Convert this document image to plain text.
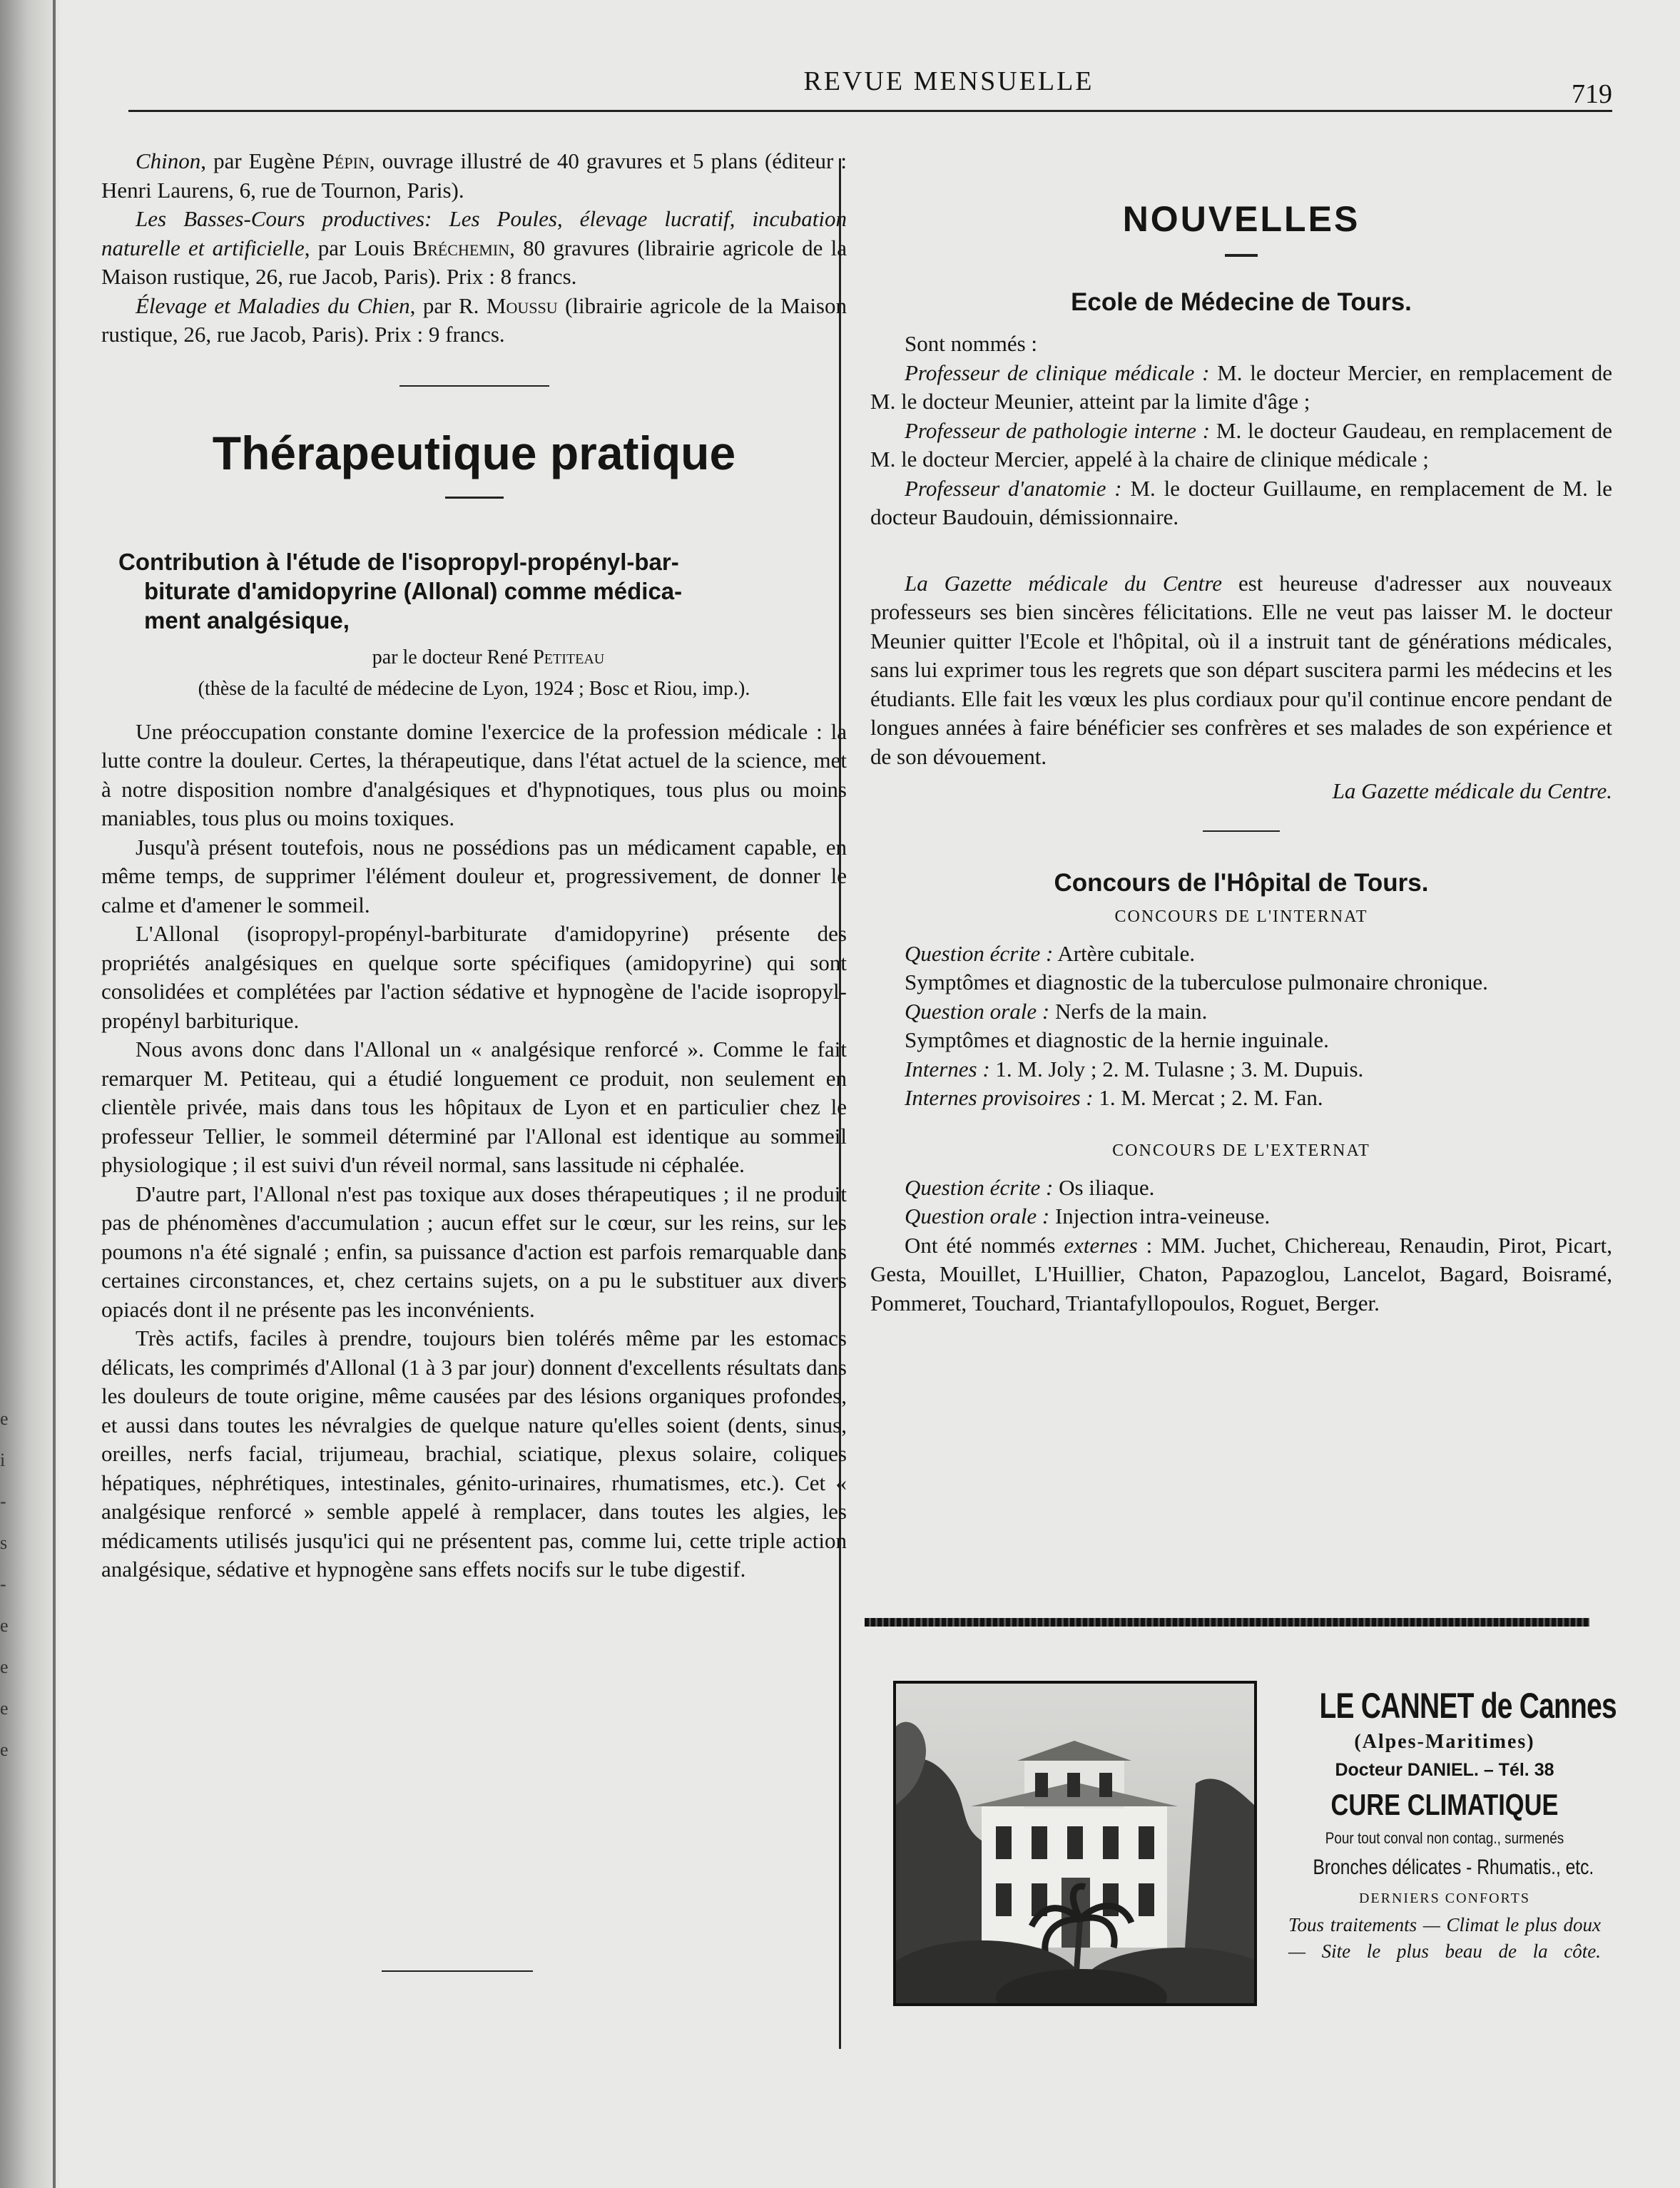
e
i
-
s
-
e
e
e
e
REVUE MENSUELLE	719

Chinon, par Eugène Pépin, ouvrage illustré de 40 gravures et 5 plans (éditeur : Henri Laurens, 6, rue de Tournon, Paris).

Les Basses-Cours productives: Les Poules, élevage lucratif, incubation naturelle et artificielle, par Louis Bréchemin, 80 gravures (librairie agricole de la Maison rustique, 26, rue Jacob, Paris). Prix : 8 francs.

Élevage et Maladies du Chien, par R. Moussu (librairie agricole de la Maison rustique, 26, rue Jacob, Paris). Prix : 9 francs.

Thérapeutique pratique
Contribution à l'étude de l'isopropyl-propényl-bar-
biturate d'amidopyrine (Allonal) comme médica-
ment analgésique,
par le docteur René Petiteau
(thèse de la faculté de médecine de Lyon, 1924 ; Bosc et Riou, imp.).

Une préoccupation constante domine l'exercice de la profession médicale : la lutte contre la douleur. Certes, la thérapeutique, dans l'état actuel de la science, met à notre disposition nombre d'analgésiques et d'hypnotiques, tous plus ou moins maniables, tous plus ou moins toxiques.

Jusqu'à présent toutefois, nous ne possédions pas un médicament capable, en même temps, de supprimer l'élément douleur et, progressivement, de donner le calme et d'amener le sommeil.

L'Allonal (isopropyl-propényl-barbiturate d'amidopyrine) présente des propriétés analgésiques en quelque sorte spécifiques (amidopyrine) qui sont consolidées et complétées par l'action sédative et hypnogène de l'acide isopropyl-propényl barbiturique.

Nous avons donc dans l'Allonal un « analgésique renforcé ». Comme le fait remarquer M. Petiteau, qui a étudié longuement ce produit, non seulement en clientèle privée, mais dans tous les hôpitaux de Lyon et en particulier chez le professeur Tellier, le sommeil déterminé par l'Allonal est identique au sommeil physiologique ; il est suivi d'un réveil normal, sans lassitude ni céphalée.

D'autre part, l'Allonal n'est pas toxique aux doses thérapeutiques ; il ne produit pas de phénomènes d'accumulation ; aucun effet sur le cœur, sur les reins, sur les poumons n'a été signalé ; enfin, sa puissance d'action est parfois remarquable dans certaines circonstances, et, chez certains sujets, on a pu le substituer aux divers opiacés dont il ne présente pas les inconvénients.

Très actifs, faciles à prendre, toujours bien tolérés même par les estomacs délicats, les comprimés d'Allonal (1 à 3 par jour) donnent d'excellents résultats dans les douleurs de toute origine, même causées par des lésions organiques profondes, et aussi dans toutes les névralgies de quelque nature qu'elles soient (dents, sinus, oreilles, nerfs facial, trijumeau, brachial, sciatique, plexus solaire, coliques hépatiques, néphrétiques, intestinales, génito-urinaires, rhumatismes, etc.). Cet « analgésique renforcé » semble appelé à remplacer, dans toutes les algies, les médicaments utilisés jusqu'ici qui ne présentent pas, comme lui, cette triple action analgésique, sédative et hypnogène sans effets nocifs sur le tube digestif.

NOUVELLES
Ecole de Médecine de Tours.

Sont nommés :

Professeur de clinique médicale : M. le docteur Mercier, en remplacement de M. le docteur Meunier, atteint par la limite d'âge ;

Professeur de pathologie interne : M. le docteur Gaudeau, en remplacement de M. le docteur Mercier, appelé à la chaire de clinique médicale ;

Professeur d'anatomie : M. le docteur Guillaume, en remplacement de M. le docteur Baudouin, démissionnaire.

La Gazette médicale du Centre est heureuse d'adresser aux nouveaux professeurs ses bien sincères félicitations. Elle ne veut pas laisser M. le docteur Meunier quitter l'Ecole et l'hôpital, où il a instruit tant de générations médicales, sans lui exprimer tous les regrets que son départ suscitera parmi les médecins et les étudiants. Elle fait les vœux les plus cordiaux pour qu'il continue encore pendant de longues années à faire bénéficier ses confrères et ses malades de son expérience et de son dévouement.

La Gazette médicale du Centre.

Concours de l'Hôpital de Tours.
CONCOURS DE L'INTERNAT

Question écrite : Artère cubitale.

Symptômes et diagnostic de la tuberculose pulmonaire chronique.

Question orale : Nerfs de la main.

Symptômes et diagnostic de la hernie inguinale.

Internes : 1. M. Joly ; 2. M. Tulasne ; 3. M. Dupuis.

Internes provisoires : 1. M. Mercat ; 2. M. Fan.

CONCOURS DE L'EXTERNAT

Question écrite : Os iliaque.

Question orale : Injection intra-veineuse.

Ont été nommés externes : MM. Juchet, Chichereau, Renaudin, Pirot, Picart, Gesta, Mouillet, L'Huillier, Chaton, Papazoglou, Lancelot, Bagard, Boisramé, Pommeret, Touchard, Triantafyllopoulos, Roguet, Berger.

LE CANNET de Cannes
(Alpes-Maritimes)
Docteur DANIEL. – Tél. 38
CURE CLIMATIQUE
Pour tout conval non contag., surmenés
Bronches délicates - Rhumatis., etc.
DERNIERS CONFORTS
Tous traitements — Climat le plus doux — Site le plus beau de la côte.
